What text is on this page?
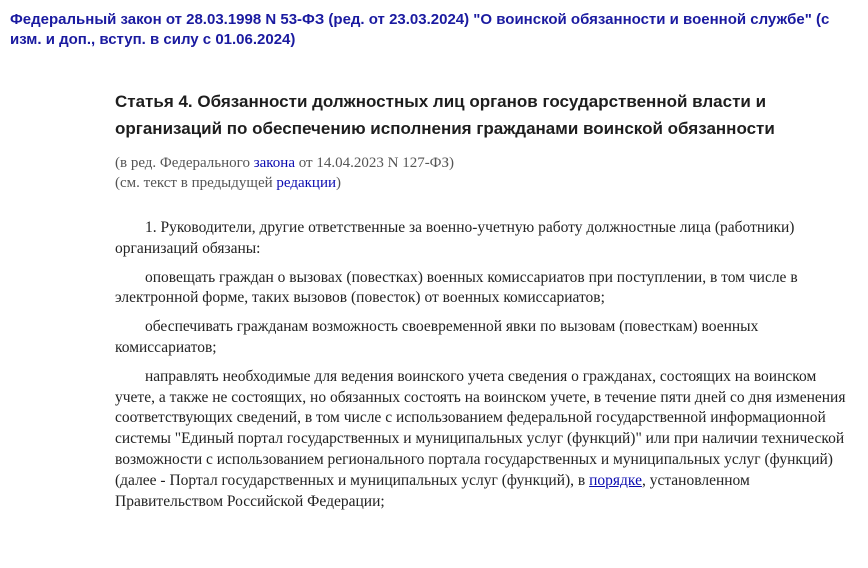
Федеральный закон от 28.03.1998 N 53-ФЗ (ред. от 23.03.2024) "О воинской обязанности и военной службе" (с изм. и доп., вступ. в силу с 01.06.2024)
Статья 4. Обязанности должностных лиц органов государственной власти и организаций по обеспечению исполнения гражданами воинской обязанности
(в ред. Федерального закона от 14.04.2023 N 127-ФЗ)
(см. текст в предыдущей редакции)

1. Руководители, другие ответственные за военно-учетную работу должностные лица (работники) организаций обязаны:

оповещать граждан о вызовах (повестках) военных комиссариатов при поступлении, в том числе в электронной форме, таких вызовов (повесток) от военных комиссариатов;

обеспечивать гражданам возможность своевременной явки по вызовам (повесткам) военных комиссариатов;

направлять необходимые для ведения воинского учета сведения о гражданах, состоящих на воинском учете, а также не состоящих, но обязанных состоять на воинском учете, в течение пяти дней со дня изменения соответствующих сведений, в том числе с использованием федеральной государственной информационной системы "Единый портал государственных и муниципальных услуг (функций)" или при наличии технической возможности с использованием регионального портала государственных и муниципальных услуг (функций) (далее - Портал государственных и муниципальных услуг (функций), в порядке, установленном Правительством Российской Федерации;
